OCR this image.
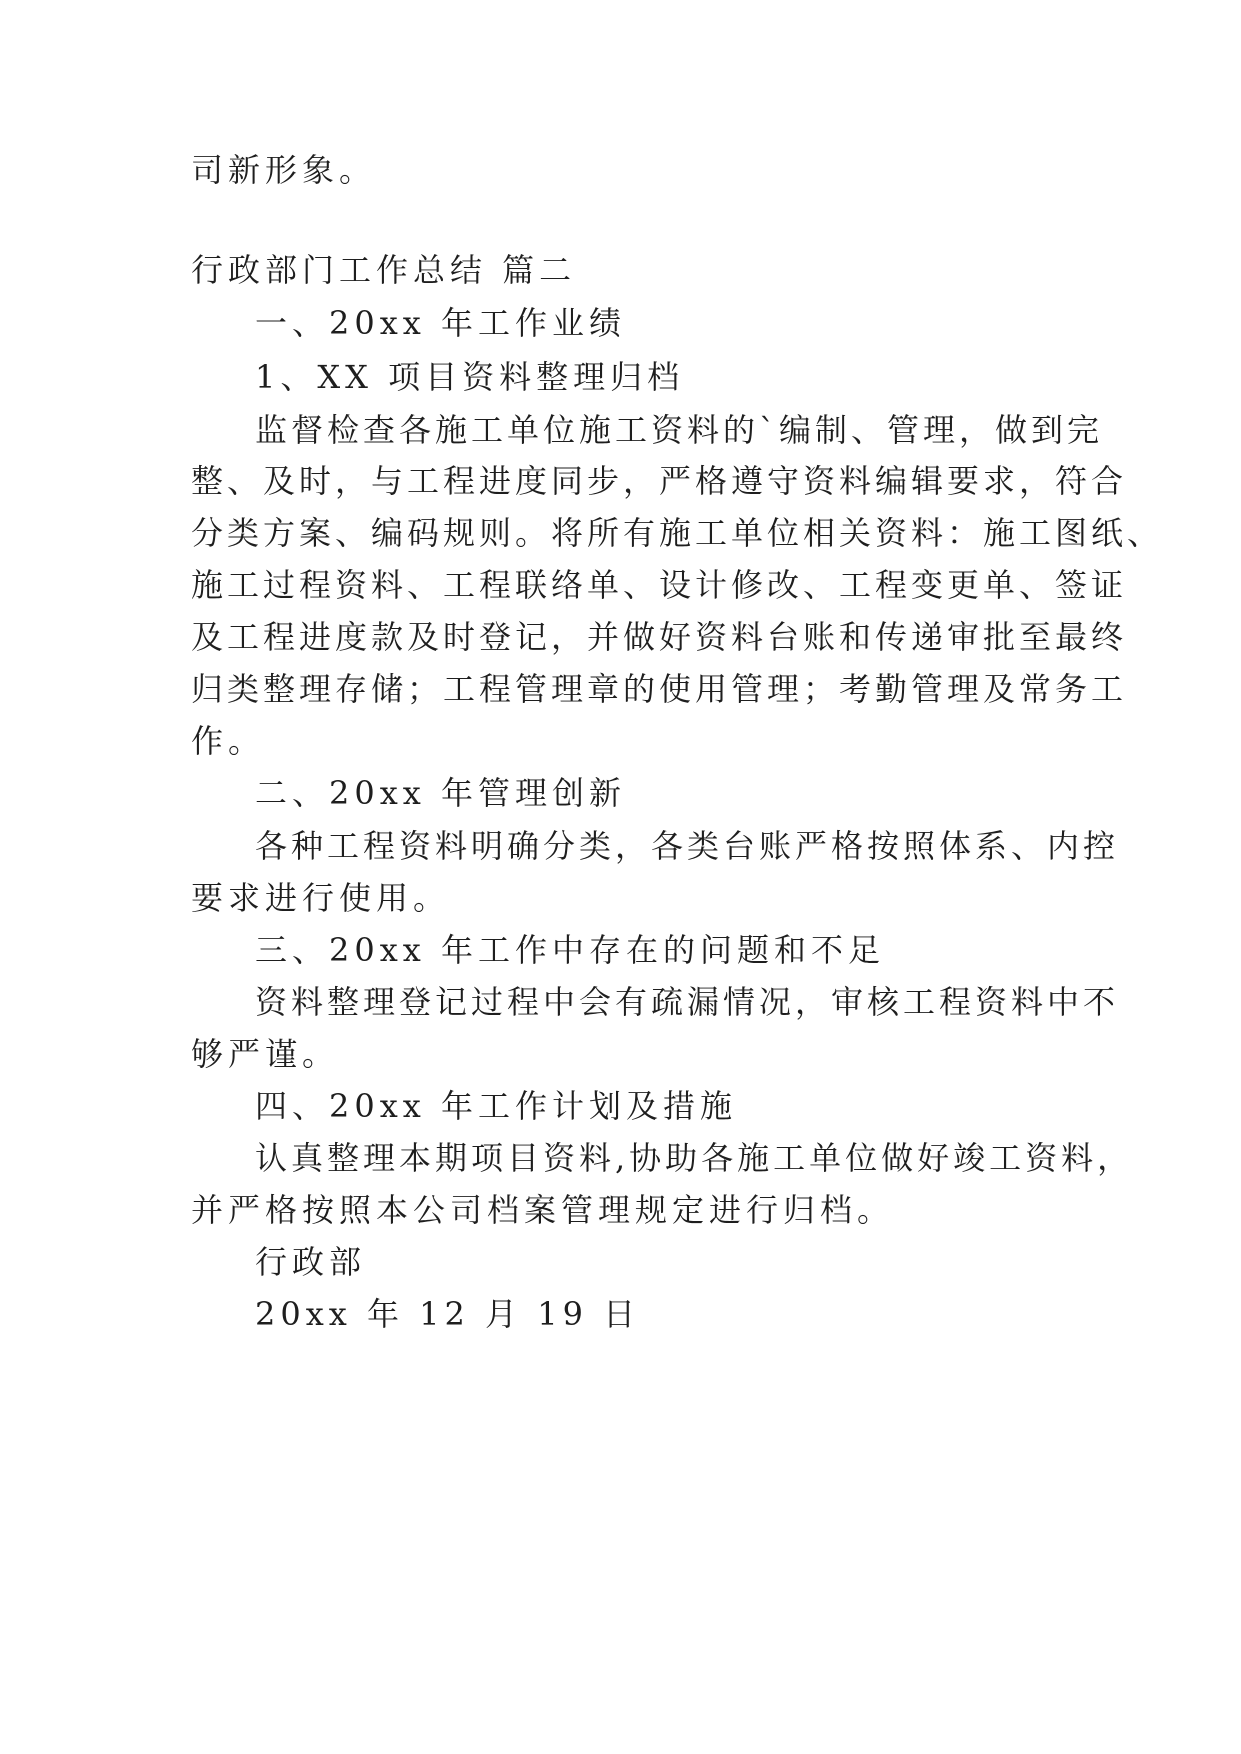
司新形象。
行政部门工作总结 篇二
一、20xx 年工作业绩
1、XX 项目资料整理归档
监督检查各施工单位施工资料的`编制、管理，做到完
整、及时，与工程进度同步，严格遵守资料编辑要求，符合
分类方案、编码规则。将所有施工单位相关资料：施工图纸、
施工过程资料、工程联络单、设计修改、工程变更单、签证
及工程进度款及时登记，并做好资料台账和传递审批至最终
归类整理存储；工程管理章的使用管理；考勤管理及常务工
作。
二、20xx 年管理创新
各种工程资料明确分类，各类台账严格按照体系、内控
要求进行使用。
三、20xx 年工作中存在的问题和不足
资料整理登记过程中会有疏漏情况，审核工程资料中不
够严谨。
四、20xx 年工作计划及措施
认真整理本期项目资料,协助各施工单位做好竣工资料，
并严格按照本公司档案管理规定进行归档。
行政部
20xx 年 12 月 19 日
